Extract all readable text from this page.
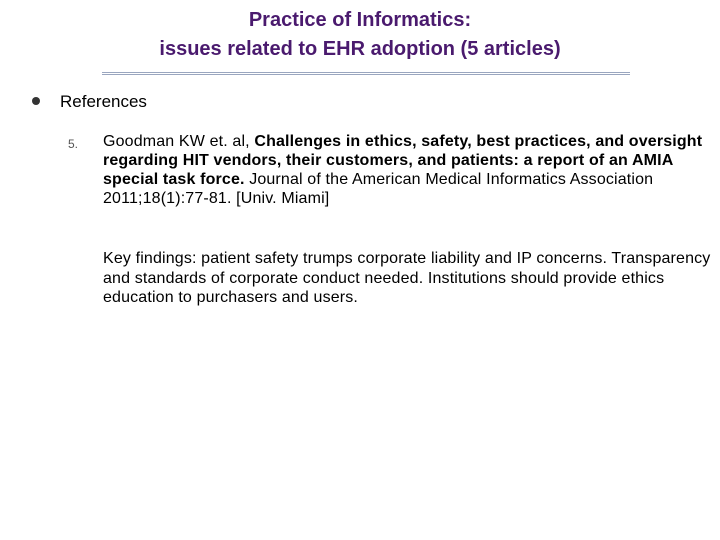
Practice of Informatics:
issues related to EHR adoption (5 articles)
References
5. Goodman KW et. al, Challenges in ethics, safety, best practices, and oversight regarding HIT vendors, their customers, and patients: a report of an AMIA special task force. Journal of the American Medical Informatics Association 2011;18(1):77-81. [Univ. Miami]
Key findings: patient safety trumps corporate liability and IP concerns. Transparency and standards of corporate conduct needed. Institutions should provide ethics education to purchasers and users.
